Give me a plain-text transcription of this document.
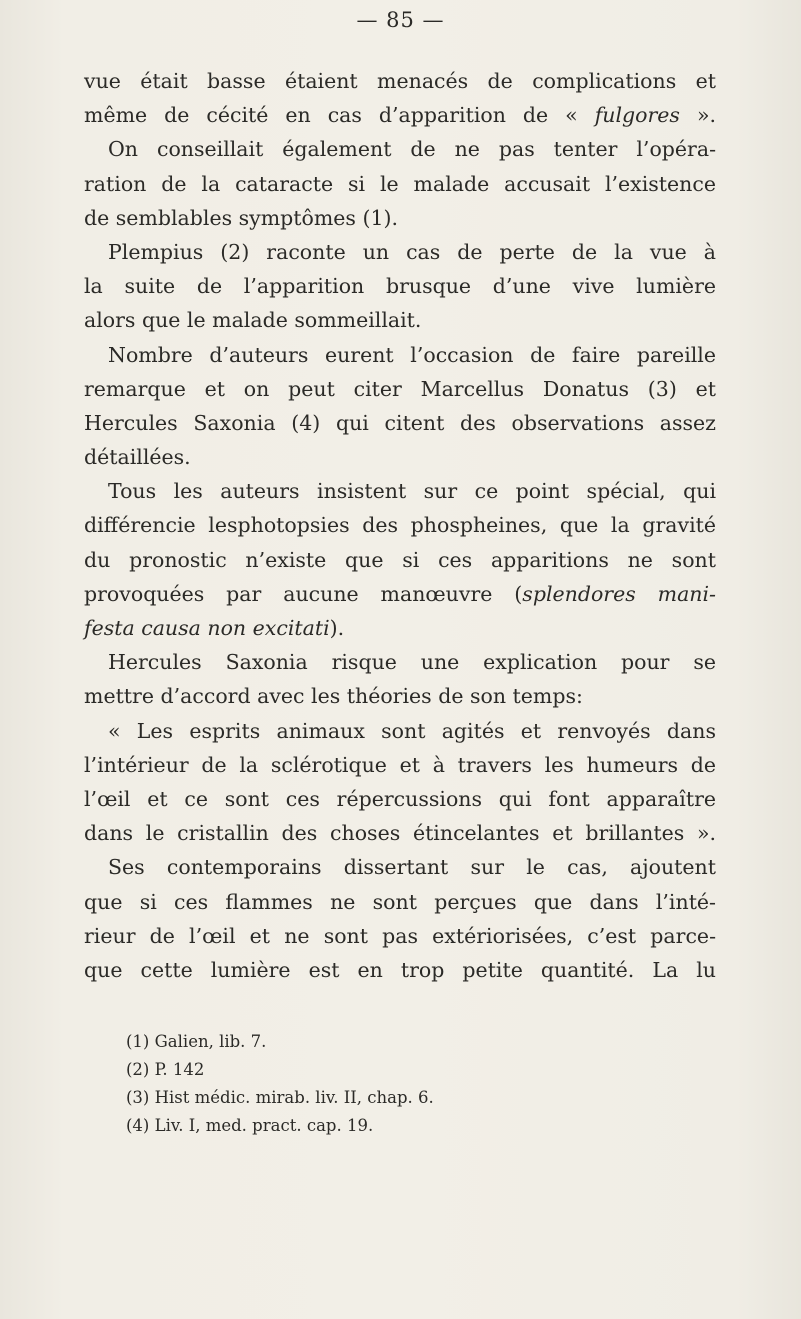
— 85 —
vue était basse étaient menacés de complications et
même de cécité en cas d’apparition de « fulgores ».
On conseillait également de ne pas tenter l’opéra-
ration de la cataracte si le malade accusait l’existence
de semblables symptômes (1).
Plempius (2) raconte un cas de perte de la vue à
la suite de l’apparition brusque d’une vive lumière
alors que le malade sommeillait.
Nombre d’auteurs eurent l’occasion de faire pareille
remarque et on peut citer Marcellus Donatus (3) et
Hercules Saxonia (4) qui citent des observations assez
détaillées.
Tous les auteurs insistent sur ce point spécial, qui
différencie lesphotopsies des phospheines, que la gravité
du pronostic n’existe que si ces apparitions ne sont
provoquées par aucune manœuvre (splendores mani-
festa causa non excitati).
Hercules Saxonia risque une explication pour se
mettre d’accord avec les théories de son temps:
« Les esprits animaux sont agités et renvoyés dans
l’intérieur de la sclérotique et à travers les humeurs de
l’œil et ce sont ces répercussions qui font apparaître
dans le cristallin des choses étincelantes et brillantes ».
Ses contemporains dissertant sur le cas, ajoutent
que si ces flammes ne sont perçues que dans l’inté-
rieur de l’œil et ne sont pas extériorisées, c’est parce-
que cette lumière est en trop petite quantité. La lu
(1) Galien, lib. 7.
(2) P. 142
(3) Hist médic. mirab. liv. II, chap. 6.
(4) Liv. I, med. pract. cap. 19.
